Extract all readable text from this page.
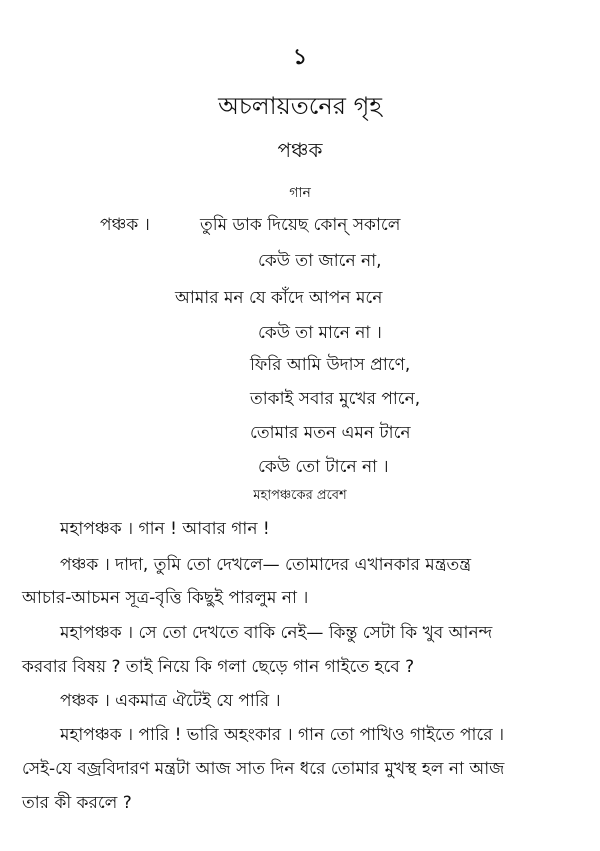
১
অচলায়তনের গৃহ
পঞ্চক
গান
পঞ্চক ।	তুমি ডাক দিয়েছ কোন্‌ সকালে
কেউ তা জানে না,
আমার মন যে কাঁদে আপন মনে
কেউ তা মানে না ।
ফিরি আমি উদাস প্রাণে,
তাকাই সবার মুখের পানে,
তোমার মতন এমন টানে
কেউ তো টানে না ।
মহাপঞ্চকের প্রবেশ
মহাপঞ্চক । গান ! আবার গান !
পঞ্চক । দাদা, তুমি তো দেখলে— তোমাদের এখানকার মন্ত্রতন্ত্র
আচার-আচমন সূত্র-বৃত্তি কিছুই পারলুম না ।
মহাপঞ্চক । সে তো দেখতে বাকি নেই— কিন্তু সেটা কি খুব আনন্দ
করবার বিষয় ? তাই নিয়ে কি গলা ছেড়ে গান গাইতে হবে ?
পঞ্চক । একমাত্র ঐটেই যে পারি ।
মহাপঞ্চক । পারি ! ভারি অহংকার । গান তো পাখিও গাইতে পারে ।
সেই-যে বজ্রবিদারণ মন্ত্রটা আজ সাত দিন ধরে তোমার মুখস্থ হল না আজ
তার কী করলে ?
